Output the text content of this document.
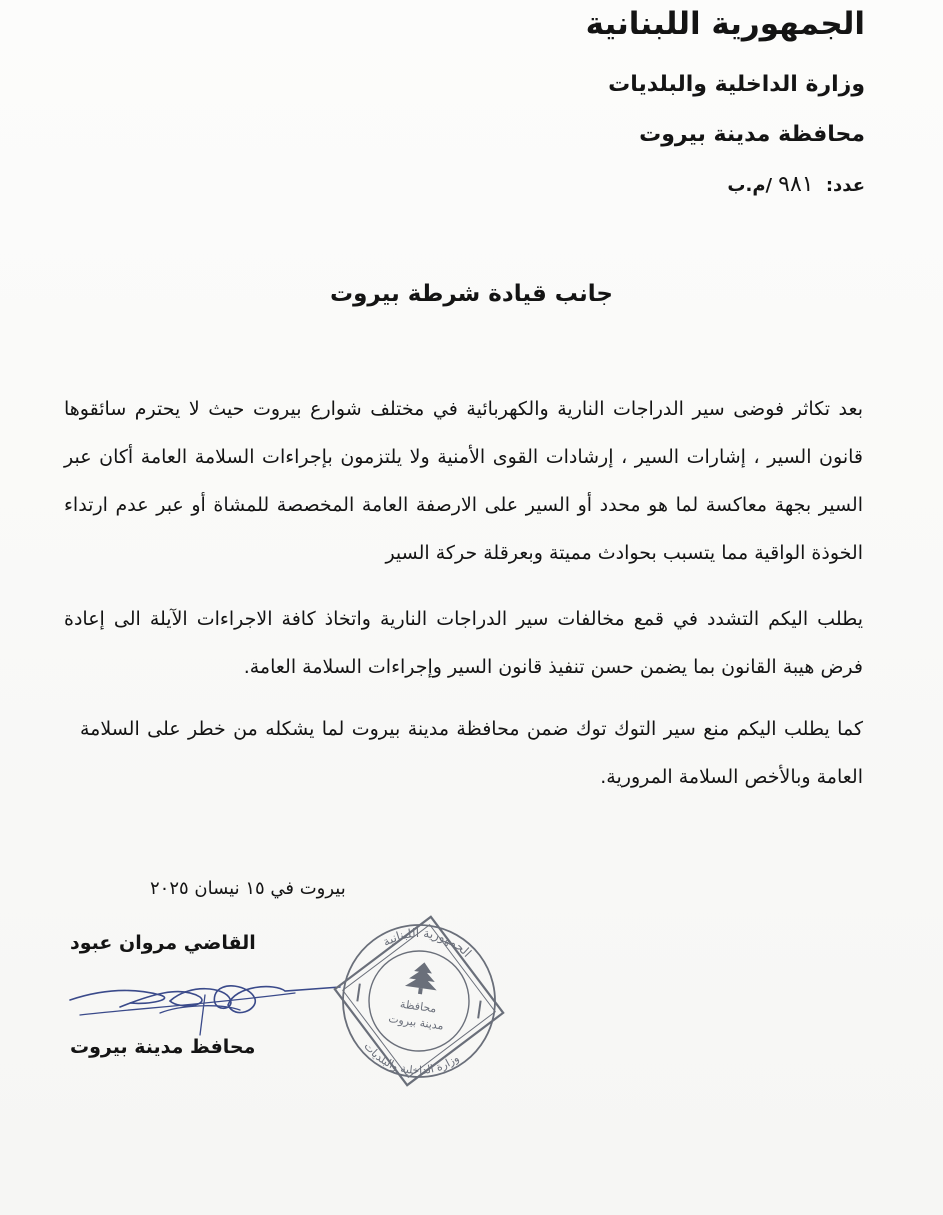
الجمهورية اللبنانية
وزارة الداخلية والبلديات
محافظة مدينة بيروت
عدد: ٩٨١/م.ب
جانب قيادة شرطة بيروت
بعد تكاثر فوضى سير الدراجات النارية والكهربائية في مختلف شوارع بيروت حيث لا يحترم سائقوها قانون السير ، إشارات السير ، إرشادات القوى الأمنية ولا يلتزمون بإجراءات السلامة العامة أكان عبر السير بجهة معاكسة لما هو محدد أو السير على الارصفة العامة المخصصة للمشاة أو عبر عدم ارتداء الخوذة الواقية مما يتسبب بحوادث مميتة وبعرقلة حركة السير
يطلب اليكم التشدد في قمع مخالفات سير الدراجات النارية واتخاذ كافة الاجراءات الآيلة الى إعادة فرض هيبة القانون بما يضمن حسن تنفيذ قانون السير وإجراءات السلامة العامة.
كما يطلب اليكم منع سير التوك توك ضمن محافظة مدينة بيروت لما يشكله من خطر على السلامة العامة وبالأخص السلامة المرورية.
بيروت في ١٥ نيسان ٢٠٢٥
القاضي مروان عبود
محافظ مدينة بيروت
الجمهورية اللبنانية
وزارة الداخلية والبلديات
محافظة
مدينة بيروت
